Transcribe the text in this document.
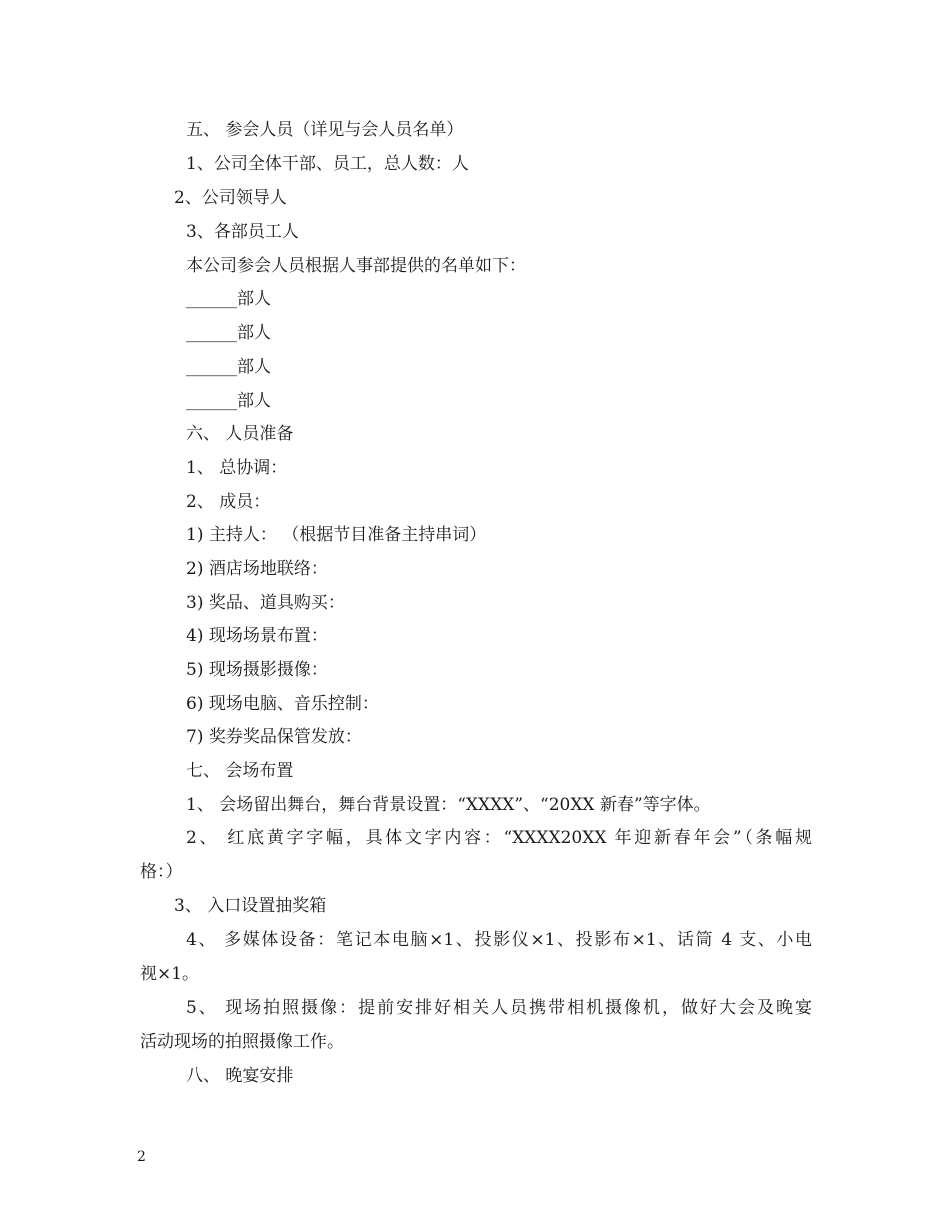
五、 参会人员（详见与会人员名单）
1、公司全体干部、员工，总人数：人
2、公司领导人
3、各部员工人
本公司参会人员根据人事部提供的名单如下：
______部人
______部人
______部人
______部人
六、 人员准备
1、 总协调：
2、 成员：
1) 主持人： （根据节目准备主持串词）
2) 酒店场地联络：
3) 奖品、道具购买：
4) 现场场景布置：
5) 现场摄影摄像：
6) 现场电脑、音乐控制：
7) 奖券奖品保管发放：
七、 会场布置
1、 会场留出舞台，舞台背景设置：“XXXX”、“20XX 新春”等字体。
2、 红底黄字字幅，具体文字内容：“XXXX20XX 年迎新春年会”（条幅规
格：）
3、 入口设置抽奖箱
4、 多媒体设备：笔记本电脑×1、投影仪×1、投影布×1、话筒 4 支、小电
视×1。
5、 现场拍照摄像：提前安排好相关人员携带相机摄像机，做好大会及晚宴
活动现场的拍照摄像工作。
八、 晚宴安排
2
